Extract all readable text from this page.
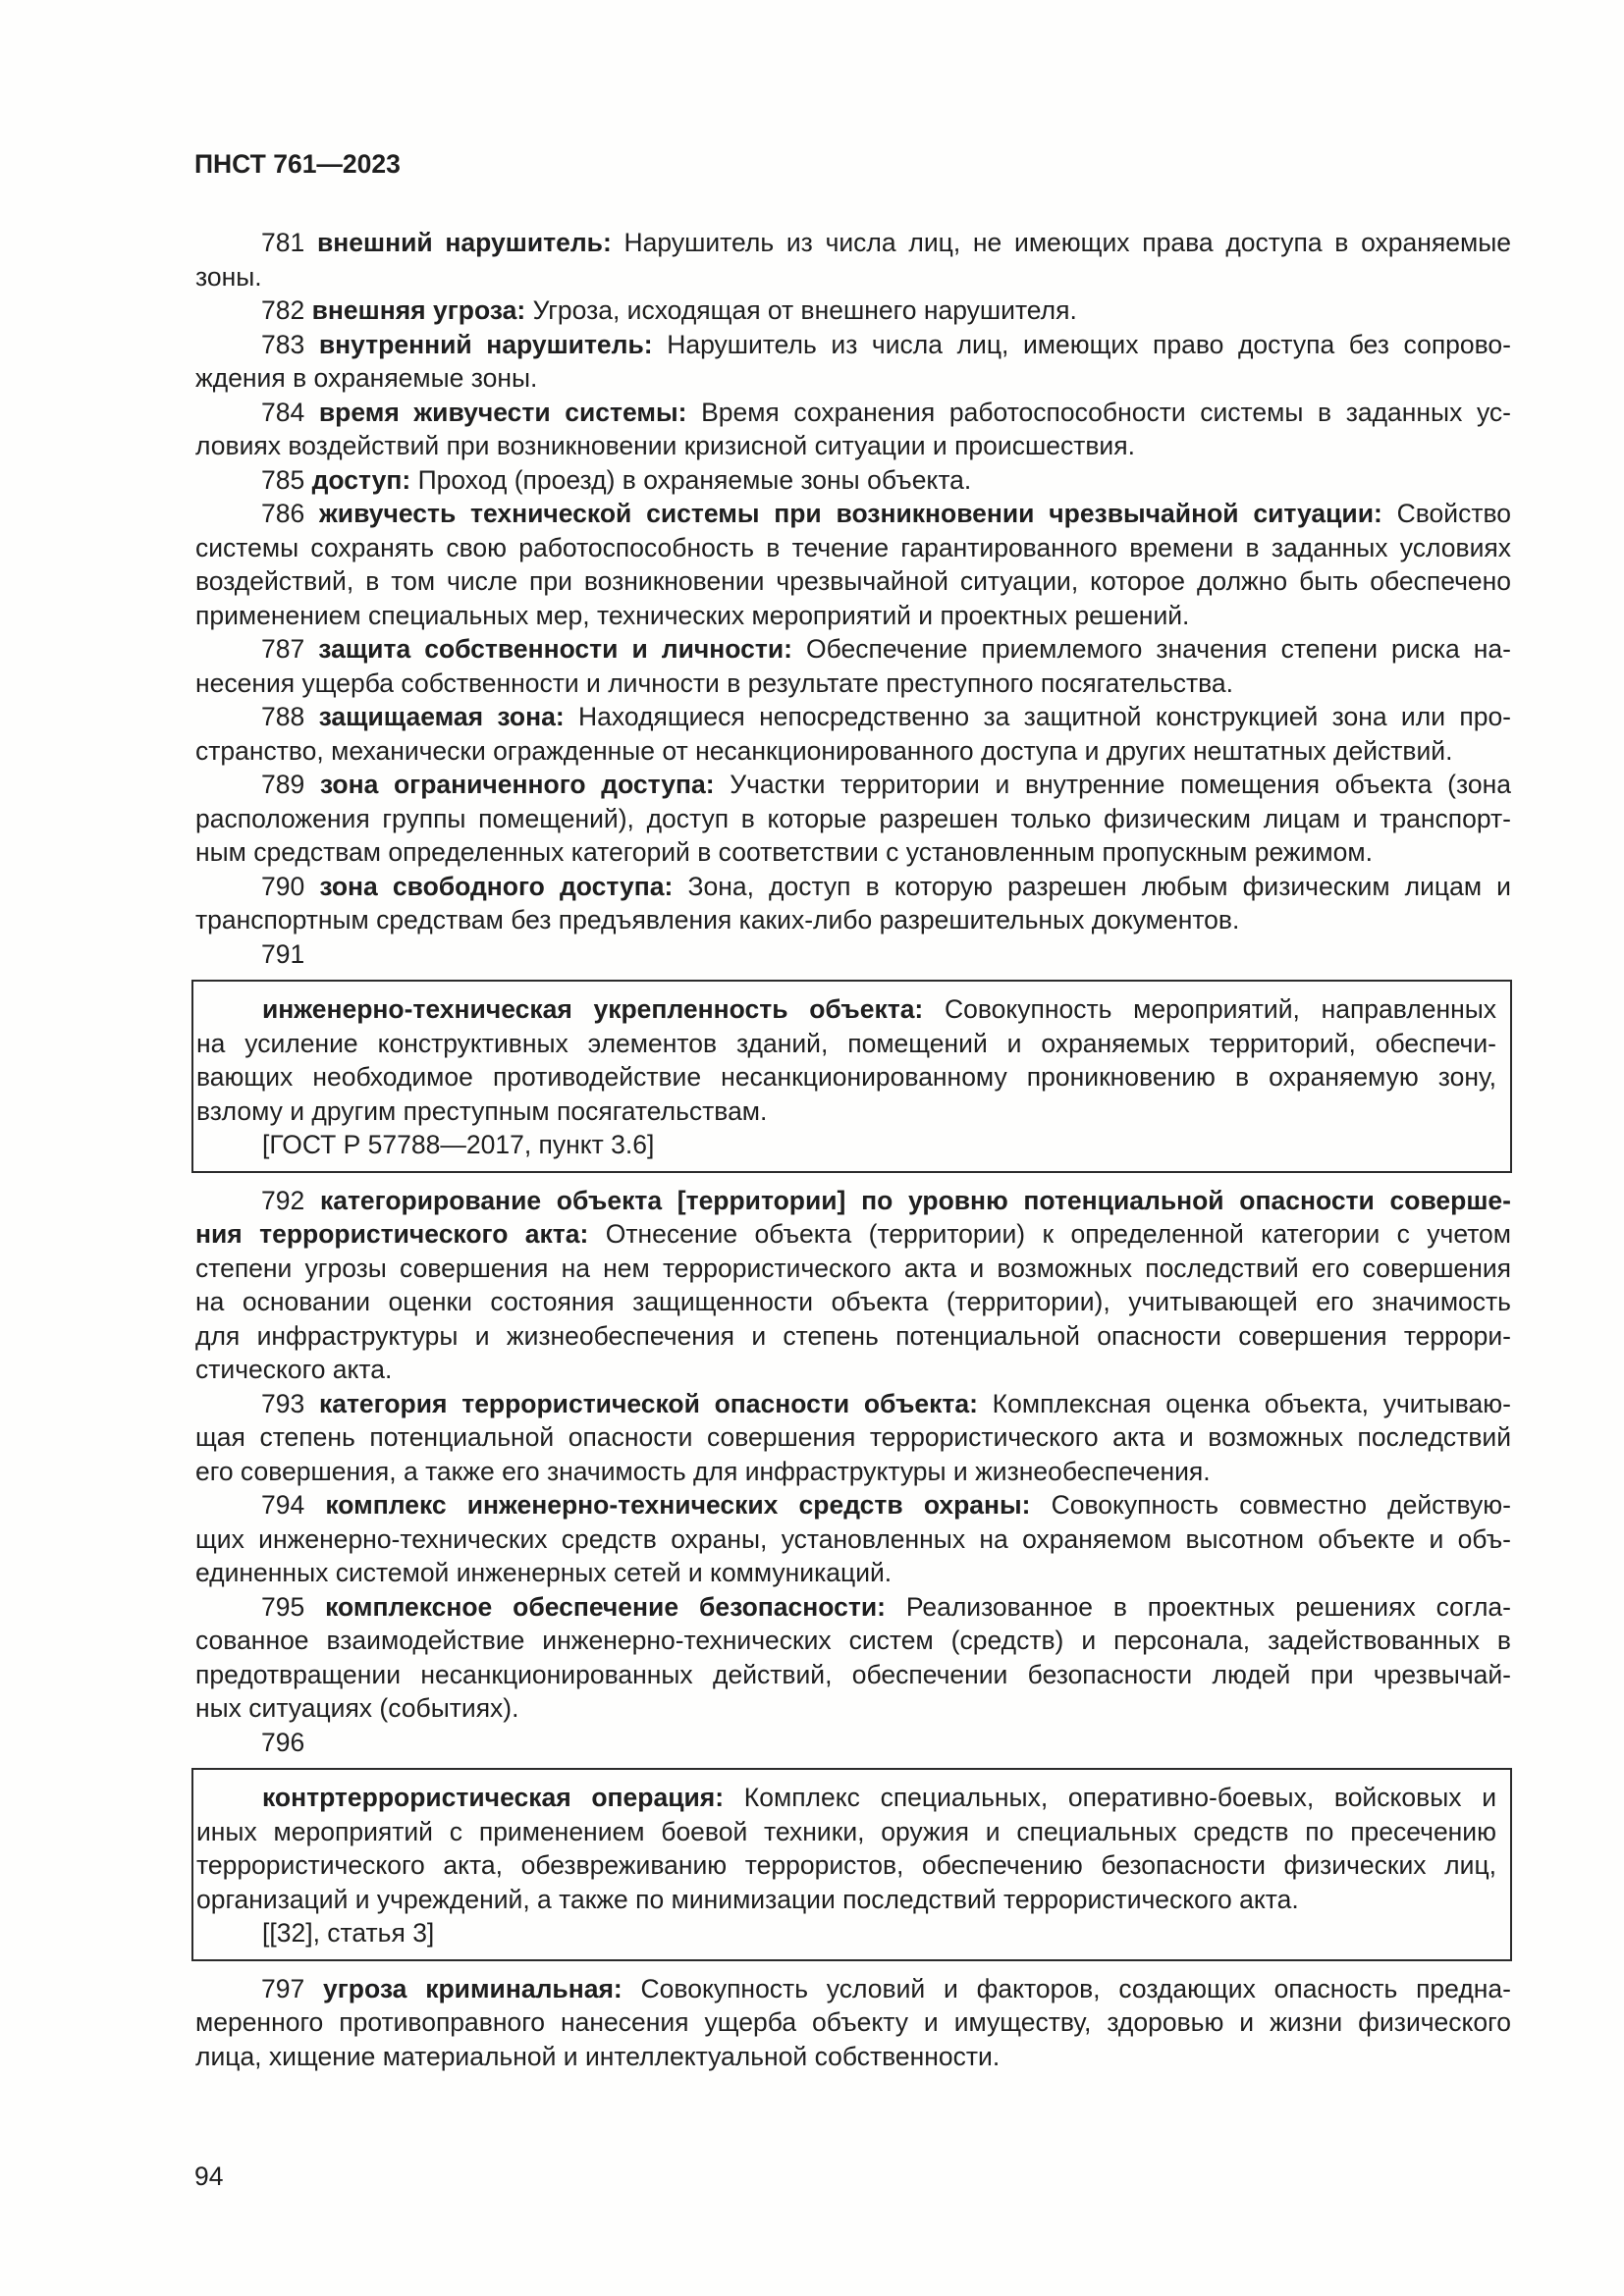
ПНСТ 761—2023
781 внешний нарушитель: Нарушитель из числа лиц, не имеющих права доступа в охраняемые
зоны.
782 внешняя угроза: Угроза, исходящая от внешнего нарушителя.
783 внутренний нарушитель: Нарушитель из числа лиц, имеющих право доступа без сопрово-
ждения в охраняемые зоны.
784 время живучести системы: Время сохранения работоспособности системы в заданных ус-
ловиях воздействий при возникновении кризисной ситуации и происшествия.
785 доступ: Проход (проезд) в охраняемые зоны объекта.
786 живучесть технической системы при возникновении чрезвычайной ситуации: Свойство
системы сохранять свою работоспособность в течение гарантированного времени в заданных условиях
воздействий, в том числе при возникновении чрезвычайной ситуации, которое должно быть обеспечено
применением специальных мер, технических мероприятий и проектных решений.
787 защита собственности и личности: Обеспечение приемлемого значения степени риска на-
несения ущерба собственности и личности в результате преступного посягательства.
788 защищаемая зона: Находящиеся непосредственно за защитной конструкцией зона или про-
странство, механически огражденные от несанкционированного доступа и других нештатных действий.
789 зона ограниченного доступа: Участки территории и внутренние помещения объекта (зона
расположения группы помещений), доступ в которые разрешен только физическим лицам и транспорт-
ным средствам определенных категорий в соответствии с установленным пропускным режимом.
790 зона свободного доступа: Зона, доступ в которую разрешен любым физическим лицам и
транспортным средствам без предъявления каких-либо разрешительных документов.
791
инженерно-техническая укрепленность объекта: Совокупность мероприятий, направленных
на усиление конструктивных элементов зданий, помещений и охраняемых территорий, обеспечи-
вающих необходимое противодействие несанкционированному проникновению в охраняемую зону,
взлому и другим преступным посягательствам.
[ГОСТ Р 57788—2017, пункт 3.6]
792 категорирование объекта [территории] по уровню потенциальной опасности соверше-
ния террористического акта: Отнесение объекта (территории) к определенной категории с учетом
степени угрозы совершения на нем террористического акта и возможных последствий его совершения
на основании оценки состояния защищенности объекта (территории), учитывающей его значимость
для инфраструктуры и жизнеобеспечения и степень потенциальной опасности совершения террори-
стического акта.
793 категория террористической опасности объекта: Комплексная оценка объекта, учитываю-
щая степень потенциальной опасности совершения террористического акта и возможных последствий
его совершения, а также его значимость для инфраструктуры и жизнеобеспечения.
794 комплекс инженерно-технических средств охраны: Совокупность совместно действую-
щих инженерно-технических средств охраны, установленных на охраняемом высотном объекте и объ-
единенных системой инженерных сетей и коммуникаций.
795 комплексное обеспечение безопасности: Реализованное в проектных решениях согла-
сованное взаимодействие инженерно-технических систем (средств) и персонала, задействованных в
предотвращении несанкционированных действий, обеспечении безопасности людей при чрезвычай-
ных ситуациях (событиях).
796
контртеррористическая операция: Комплекс специальных, оперативно-боевых, войсковых и
иных мероприятий с применением боевой техники, оружия и специальных средств по пресечению
террористического акта, обезвреживанию террористов, обеспечению безопасности физических лиц,
организаций и учреждений, а также по минимизации последствий террористического акта.
[[32], статья 3]
797 угроза криминальная: Совокупность условий и факторов, создающих опасность предна-
меренного противоправного нанесения ущерба объекту и имуществу, здоровью и жизни физического
лица, хищение материальной и интеллектуальной собственности.
94
